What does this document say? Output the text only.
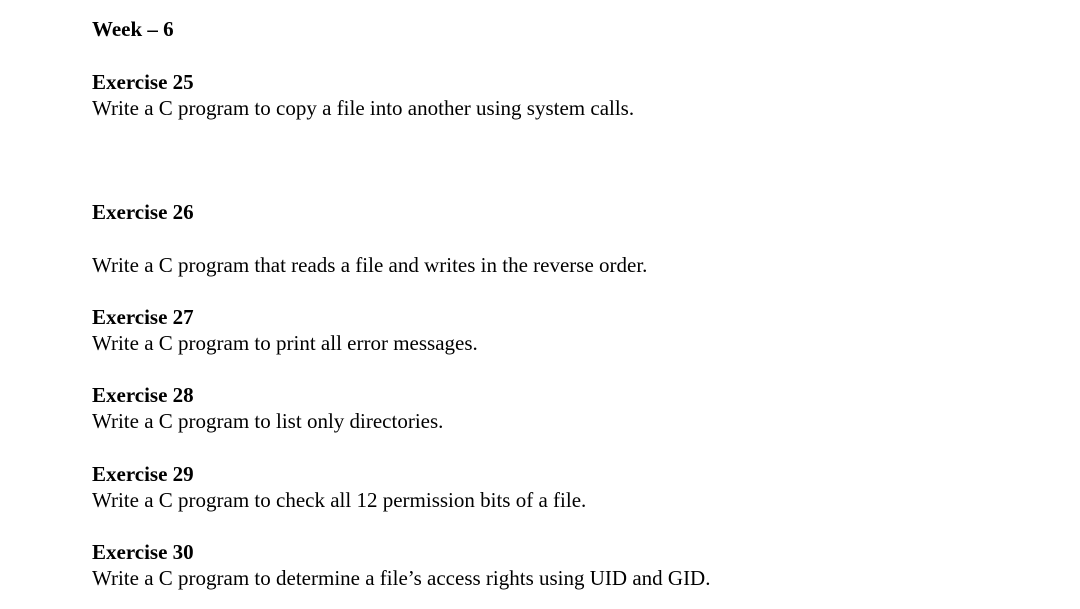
Week – 6
Exercise 25
Write a C program to copy a file into another using system calls.
Exercise 26
Write a C program that reads a file and writes in the reverse order.
Exercise 27
Write a C program to print all error messages.
Exercise 28
Write a C program to list only directories.
Exercise 29
Write a C program to check all 12 permission bits of a file.
Exercise 30
Write a C program to determine a file’s access rights using UID and GID.
